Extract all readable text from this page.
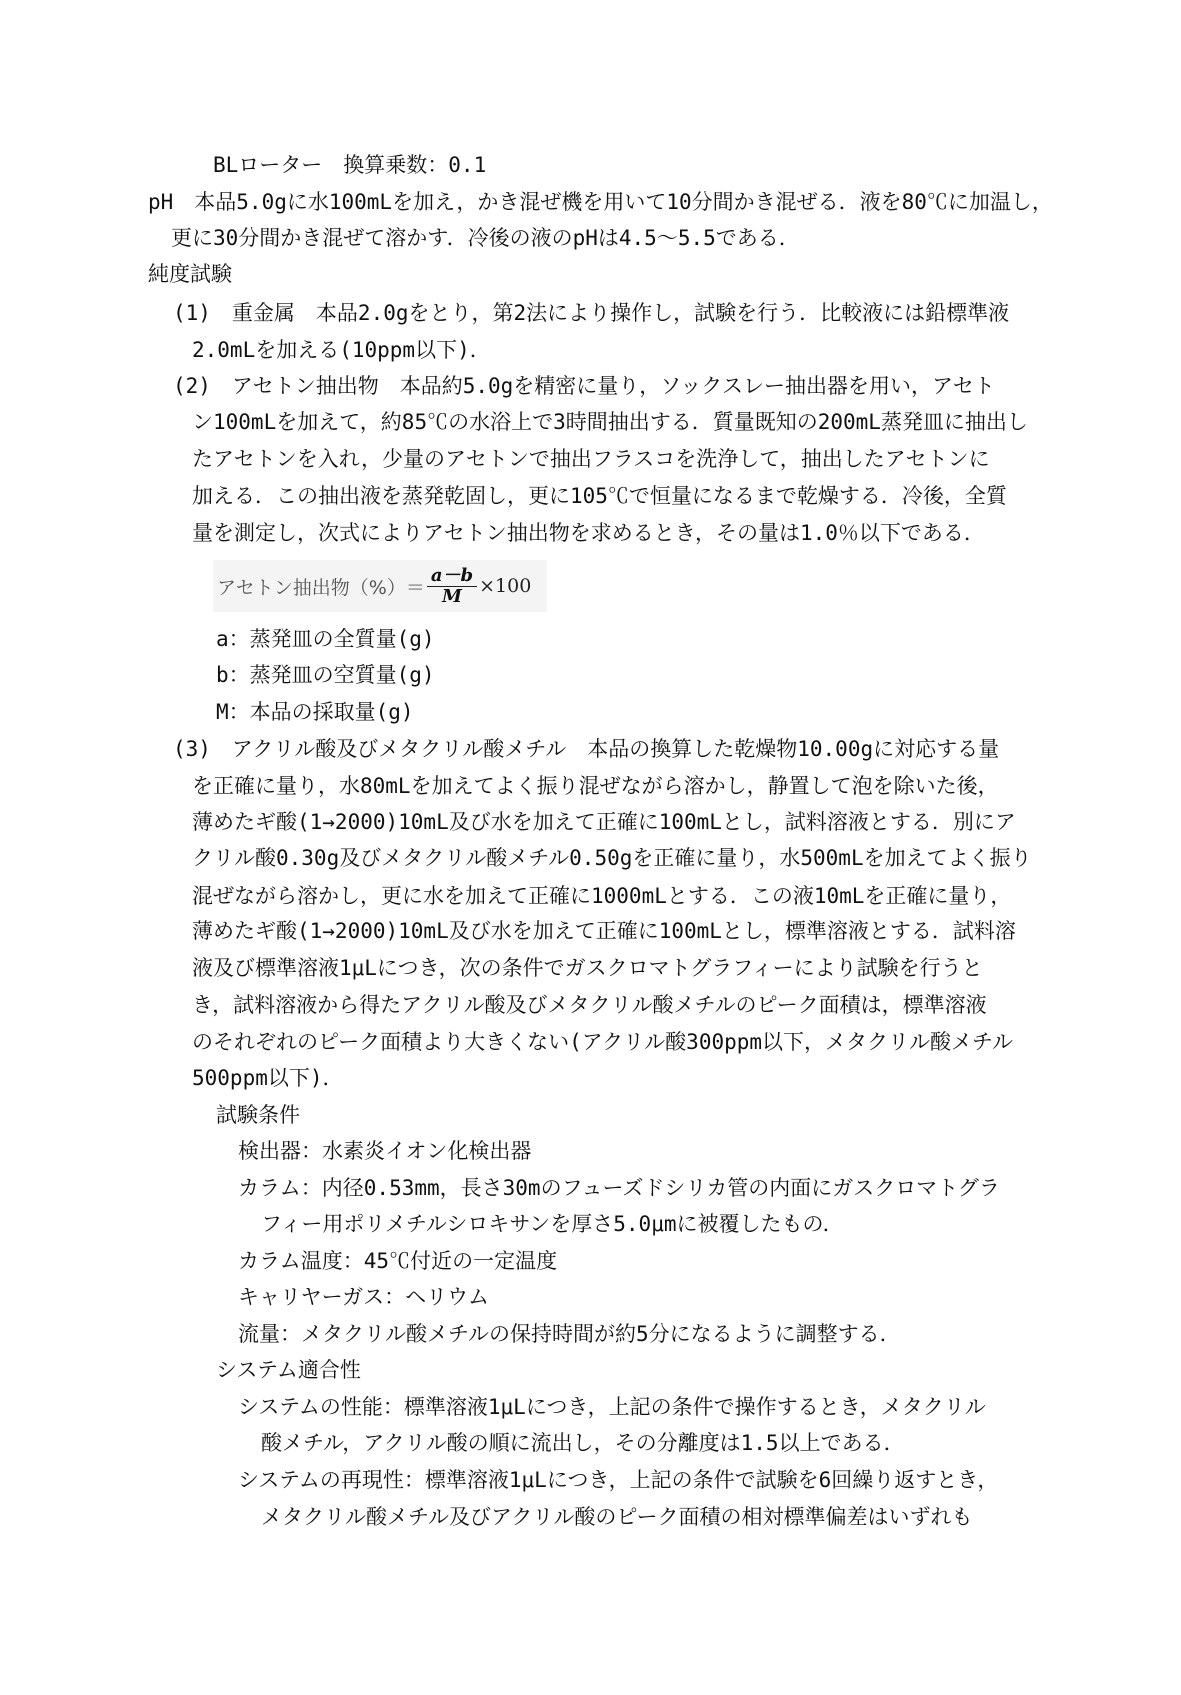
BLローター　換算乗数：0.1
pH　本品5.0gに水100mLを加え，かき混ぜ機を用いて10分間かき混ぜる．液を80℃に加温し，
更に30分間かき混ぜて溶かす．冷後の液のpHは4.5～5.5である．
純度試験
(1)　重金属　本品2.0gをとり，第2法により操作し，試験を行う．比較液には鉛標準液
2.0mLを加える(10ppm以下)．
(2)　アセトン抽出物　本品約5.0gを精密に量り，ソックスレー抽出器を用い，アセト
ン100mLを加えて，約85℃の水浴上で3時間抽出する．質量既知の200mL蒸発皿に抽出し
たアセトンを入れ，少量のアセトンで抽出フラスコを洗浄して，抽出したアセトンに
加える．この抽出液を蒸発乾固し，更に105℃で恒量になるまで乾燥する．冷後，全質
量を測定し，次式によりアセトン抽出物を求めるとき，その量は1.0％以下である．
アセトン抽出物（%）＝ $\frac{a-b}{M} \times 100$
a：蒸発皿の全質量(g)
b：蒸発皿の空質量(g)
M：本品の採取量(g)
(3)　アクリル酸及びメタクリル酸メチル　本品の換算した乾燥物10.00gに対応する量
を正確に量り，水80mLを加えてよく振り混ぜながら溶かし，静置して泡を除いた後，
薄めたギ酸(1→2000)10mL及び水を加えて正確に100mLとし，試料溶液とする．別にア
クリル酸0.30g及びメタクリル酸メチル0.50gを正確に量り，水500mLを加えてよく振り
混ぜながら溶かし，更に水を加えて正確に1000mLとする．この液10mLを正確に量り，
薄めたギ酸(1→2000)10mL及び水を加えて正確に100mLとし，標準溶液とする．試料溶
液及び標準溶液1μLにつき，次の条件でガスクロマトグラフィーにより試験を行うと
き，試料溶液から得たアクリル酸及びメタクリル酸メチルのピーク面積は，標準溶液
のそれぞれのピーク面積より大きくない(アクリル酸300ppm以下，メタクリル酸メチル
500ppm以下)．
試験条件
検出器：水素炎イオン化検出器
カラム：内径0.53mm，長さ30mのフューズドシリカ管の内面にガスクロマトグラ
フィー用ポリメチルシロキサンを厚さ5.0μmに被覆したもの．
カラム温度：45℃付近の一定温度
キャリヤーガス：ヘリウム
流量：メタクリル酸メチルの保持時間が約5分になるように調整する．
システム適合性
システムの性能：標準溶液1μLにつき，上記の条件で操作するとき，メタクリル
酸メチル，アクリル酸の順に流出し，その分離度は1.5以上である．
システムの再現性：標準溶液1μLにつき，上記の条件で試験を6回繰り返すとき，
メタクリル酸メチル及びアクリル酸のピーク面積の相対標準偏差はいずれも
